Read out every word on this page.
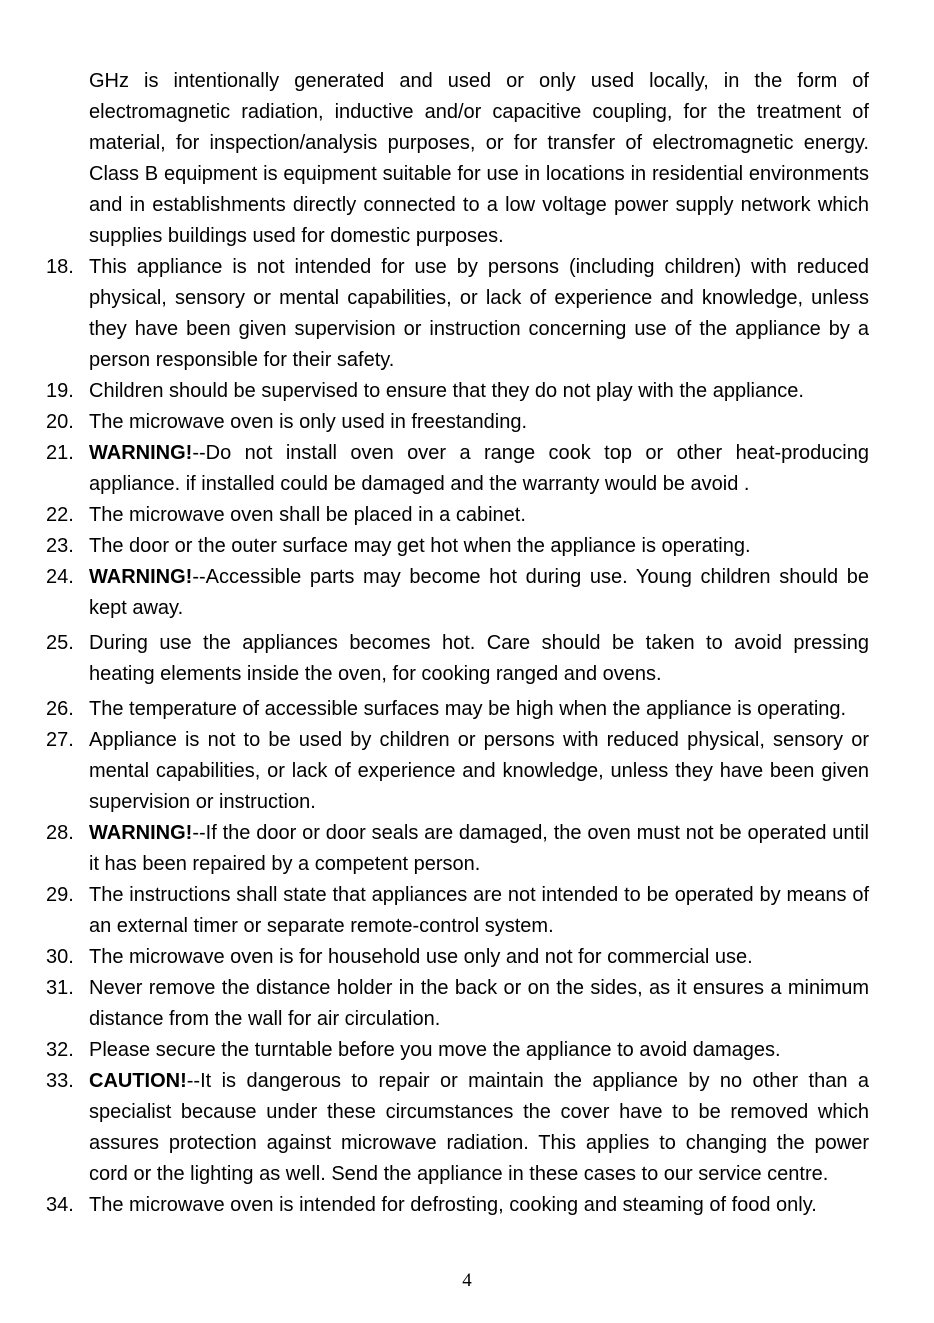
GHz is intentionally generated and used or only used locally, in the form of electromagnetic radiation, inductive and/or capacitive coupling, for the treatment of material, for inspection/analysis purposes, or for transfer of electromagnetic energy. Class B equipment is equipment suitable for use in locations in residential environments and in establishments directly connected to a low voltage power supply network which supplies buildings used for domestic purposes.

18. This appliance is not intended for use by persons (including children) with reduced physical, sensory or mental capabilities, or lack of experience and knowledge, unless they have been given supervision or instruction concerning use of the appliance by a person responsible for their safety.
19. Children should be supervised to ensure that they do not play with the appliance.
20. The microwave oven is only used in freestanding.
21. WARNING!--Do not install oven over a range cook top or other heat-producing appliance. if installed could be damaged and the warranty would be avoid .
22. The microwave oven shall be placed in a cabinet.
23. The door or the outer surface may get hot when the appliance is operating.
24. WARNING!--Accessible parts may become hot during use. Young children should be kept away.
25. During use the appliances becomes hot. Care should be taken to avoid pressing heating elements inside the oven, for cooking ranged and ovens.
26. The temperature of accessible surfaces may be high when the appliance is operating.
27. Appliance is not to be used by children or persons with reduced physical, sensory or mental capabilities, or lack of experience and knowledge, unless they have been given supervision or instruction.
28. WARNING!--If the door or door seals are damaged, the oven must not be operated until it has been repaired by a competent person.
29. The instructions shall state that appliances are not intended to be operated by means of an external timer or separate remote-control system.
30. The microwave oven is for household use only and not for commercial use.
31. Never remove the distance holder in the back or on the sides, as it ensures a minimum distance from the wall for air circulation.
32. Please secure the turntable before you move the appliance to avoid damages.
33. CAUTION!--It is dangerous to repair or maintain the appliance by no other than a specialist because under these circumstances the cover have to be removed which assures protection against microwave radiation. This applies to changing the power cord or the lighting as well. Send the appliance in these cases to our service centre.
34. The microwave oven is intended for defrosting, cooking and steaming of food only.
4
